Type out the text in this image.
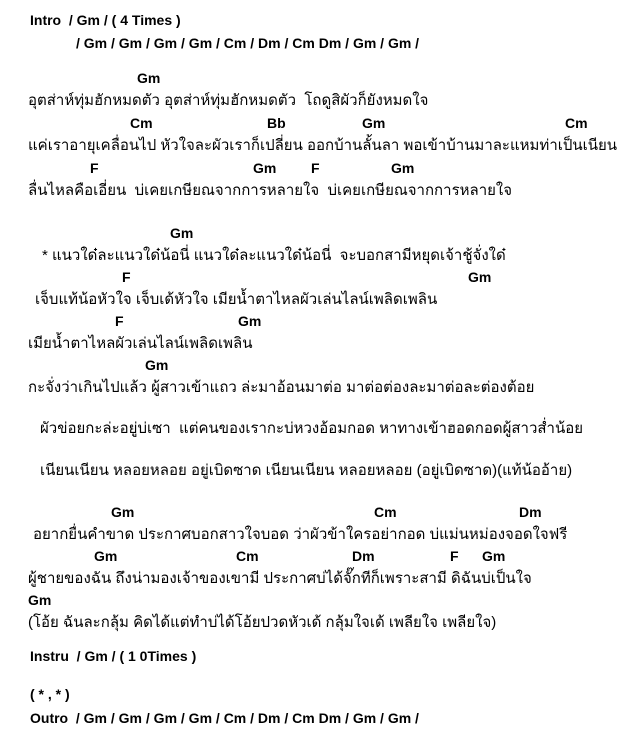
Intro  / Gm / ( 4 Times )
/ Gm / Gm / Gm / Gm / Cm / Dm / Cm Dm / Gm / Gm /
Gm
อุตส่าห์ทุ่มฮักหมดตัว อุตส่าห์ทุ่มฮักหมดตัว  โถดูสิผัวก็ยังหมดใจ
Cm	Bb	Gm	Cm
แค่เราอายุเคลื่อนไป หัวใจละผัวเราก็เปลี่ยน ออกบ้านลั้นลา พอเข้าบ้านมาละแหมท่าเป็นเนียน
F	Gm F	Gm
ลื่นไหลคือเอี่ยน  บ่เคยเกษียณจากการหลายใจ  บ่เคยเกษียณจากการหลายใจ
Gm
* แนวใด๋ละแนวใด๋น้อนี่ แนวใด๋ละแนวใด๋น้อนี่  จะบอกสามีหยุดเจ้าชู้จั่งใด๋
F	Gm
เจ็บแท้น้อหัวใจ เจ็บเด้หัวใจ เมียน้ำตาไหลผัวเล่นไลน์เพลิดเพลิน
F	Gm
เมียน้ำตาไหลผัวเล่นไลน์เพลิดเพลิน
Gm
กะจั่งว่าเกินไปแล้ว ผู้สาวเข้าแถว ล่ะมาอ้อนมาต่อ มาต่อต่องละมาต่อละต่องต้อย
ผัวข่อยกะล่ะอยู่บ่เซา  แต่คนของเรากะบ่หวงอ้อมกอด หาทางเข้าฮอดกอดผู้สาวส่ำน้อย
เนียนเนียน หลอยหลอย อยู่เบิดซาด เนียนเนียน หลอยหลอย (อยู่เบิดซาด)(แท้น้ออ้าย)
Gm	Cm	Dm
อยากยื่นคำขาด ประกาศบอกสาวใจบอด ว่าผัวข้าใครอย่ากอด บ่แม่นหม่องจอดใจฟรี
Gm	Cm	Dm	F Gm
ผู้ชายของฉัน ถึงน่ามองเจ้าของเขามี ประกาศบ่ได้จั๊กทีก็เพราะสามี ดิฉันบ่เป็นใจ
Gm
(โอ้ย ฉันละกลุ้ม คิดได้แต่ทำบ่ได้โอ้ยปวดหัวเด้ กลุ้มใจเด้ เพลียใจ เพลียใจ)
Instru  / Gm / ( 1 0Times )
( * , * )
Outro  / Gm / Gm / Gm / Gm / Cm / Dm / Cm Dm / Gm / Gm /
